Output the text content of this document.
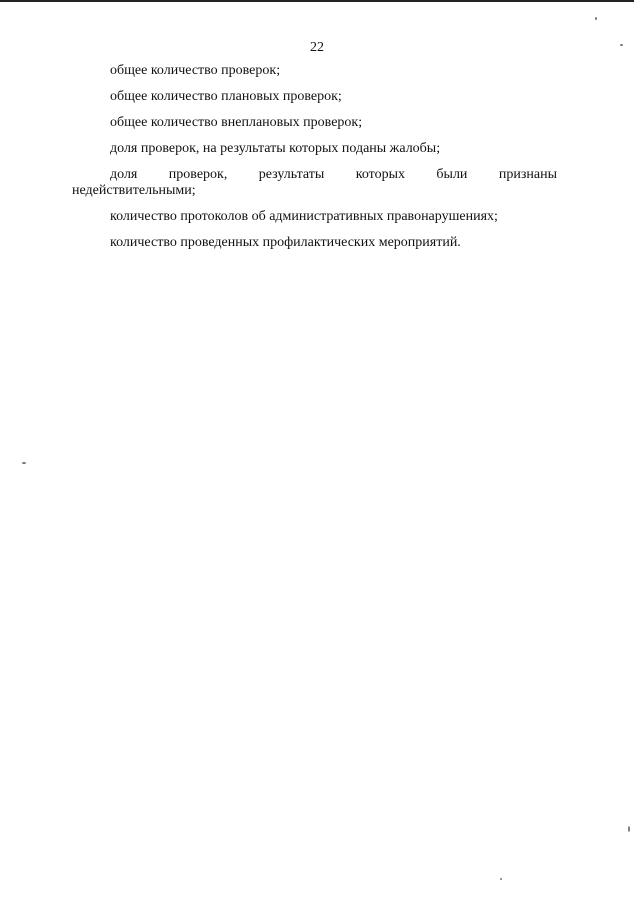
22

общее количество проверок;

общее количество плановых проверок;

общее количество внеплановых проверок;

доля проверок, на результаты которых поданы жалобы;

доля проверок, результаты которых были признаны
недействительными;

количество протоколов об административных правонарушениях;

количество проведенных профилактических мероприятий.
